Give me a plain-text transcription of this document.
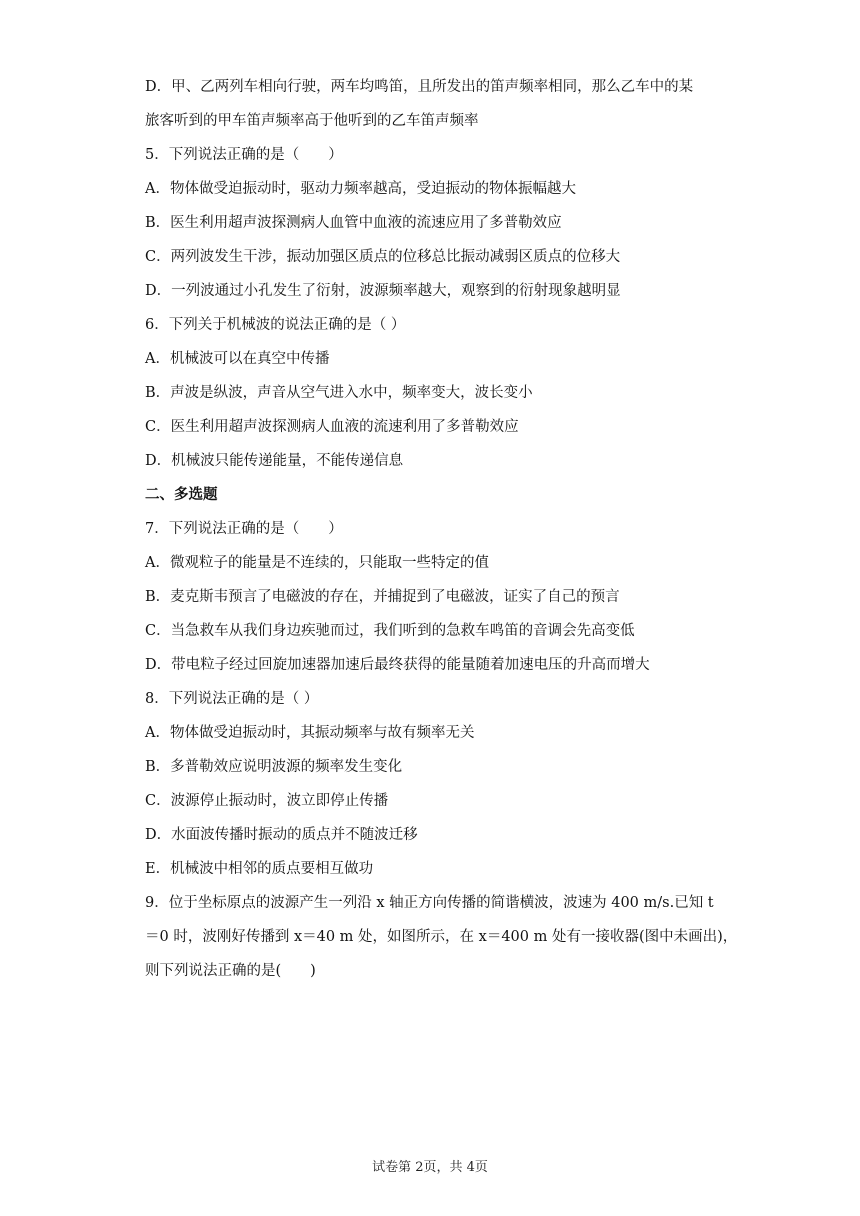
D．甲、乙两列车相向行驶，两车均鸣笛，且所发出的笛声频率相同，那么乙车中的某
旅客听到的甲车笛声频率高于他听到的乙车笛声频率
5．下列说法正确的是（　　）
A．物体做受迫振动时，驱动力频率越高，受迫振动的物体振幅越大
B．医生利用超声波探测病人血管中血液的流速应用了多普勒效应
C．两列波发生干涉，振动加强区质点的位移总比振动减弱区质点的位移大
D．一列波通过小孔发生了衍射，波源频率越大，观察到的衍射现象越明显
6．下列关于机械波的说法正确的是（ ）
A．机械波可以在真空中传播
B．声波是纵波，声音从空气进入水中，频率变大，波长变小
C．医生利用超声波探测病人血液的流速利用了多普勒效应
D．机械波只能传递能量，不能传递信息
二、多选题
7．下列说法正确的是（　　）
A．微观粒子的能量是不连续的，只能取一些特定的值
B．麦克斯韦预言了电磁波的存在，并捕捉到了电磁波，证实了自己的预言
C．当急救车从我们身边疾驰而过，我们听到的急救车鸣笛的音调会先高变低
D．带电粒子经过回旋加速器加速后最终获得的能量随着加速电压的升高而增大
8．下列说法正确的是（ ）
A．物体做受迫振动时，其振动频率与故有频率无关
B．多普勒效应说明波源的频率发生变化
C．波源停止振动时，波立即停止传播
D．水面波传播时振动的质点并不随波迁移
E．机械波中相邻的质点要相互做功
9．位于坐标原点的波源产生一列沿 x 轴正方向传播的简谐横波，波速为 400 m/s.已知 t
＝0 时，波刚好传播到 x＝40 m 处，如图所示，在 x＝400 m 处有一接收器(图中未画出)，
则下列说法正确的是(　　)
试卷第 2页，共 4页
